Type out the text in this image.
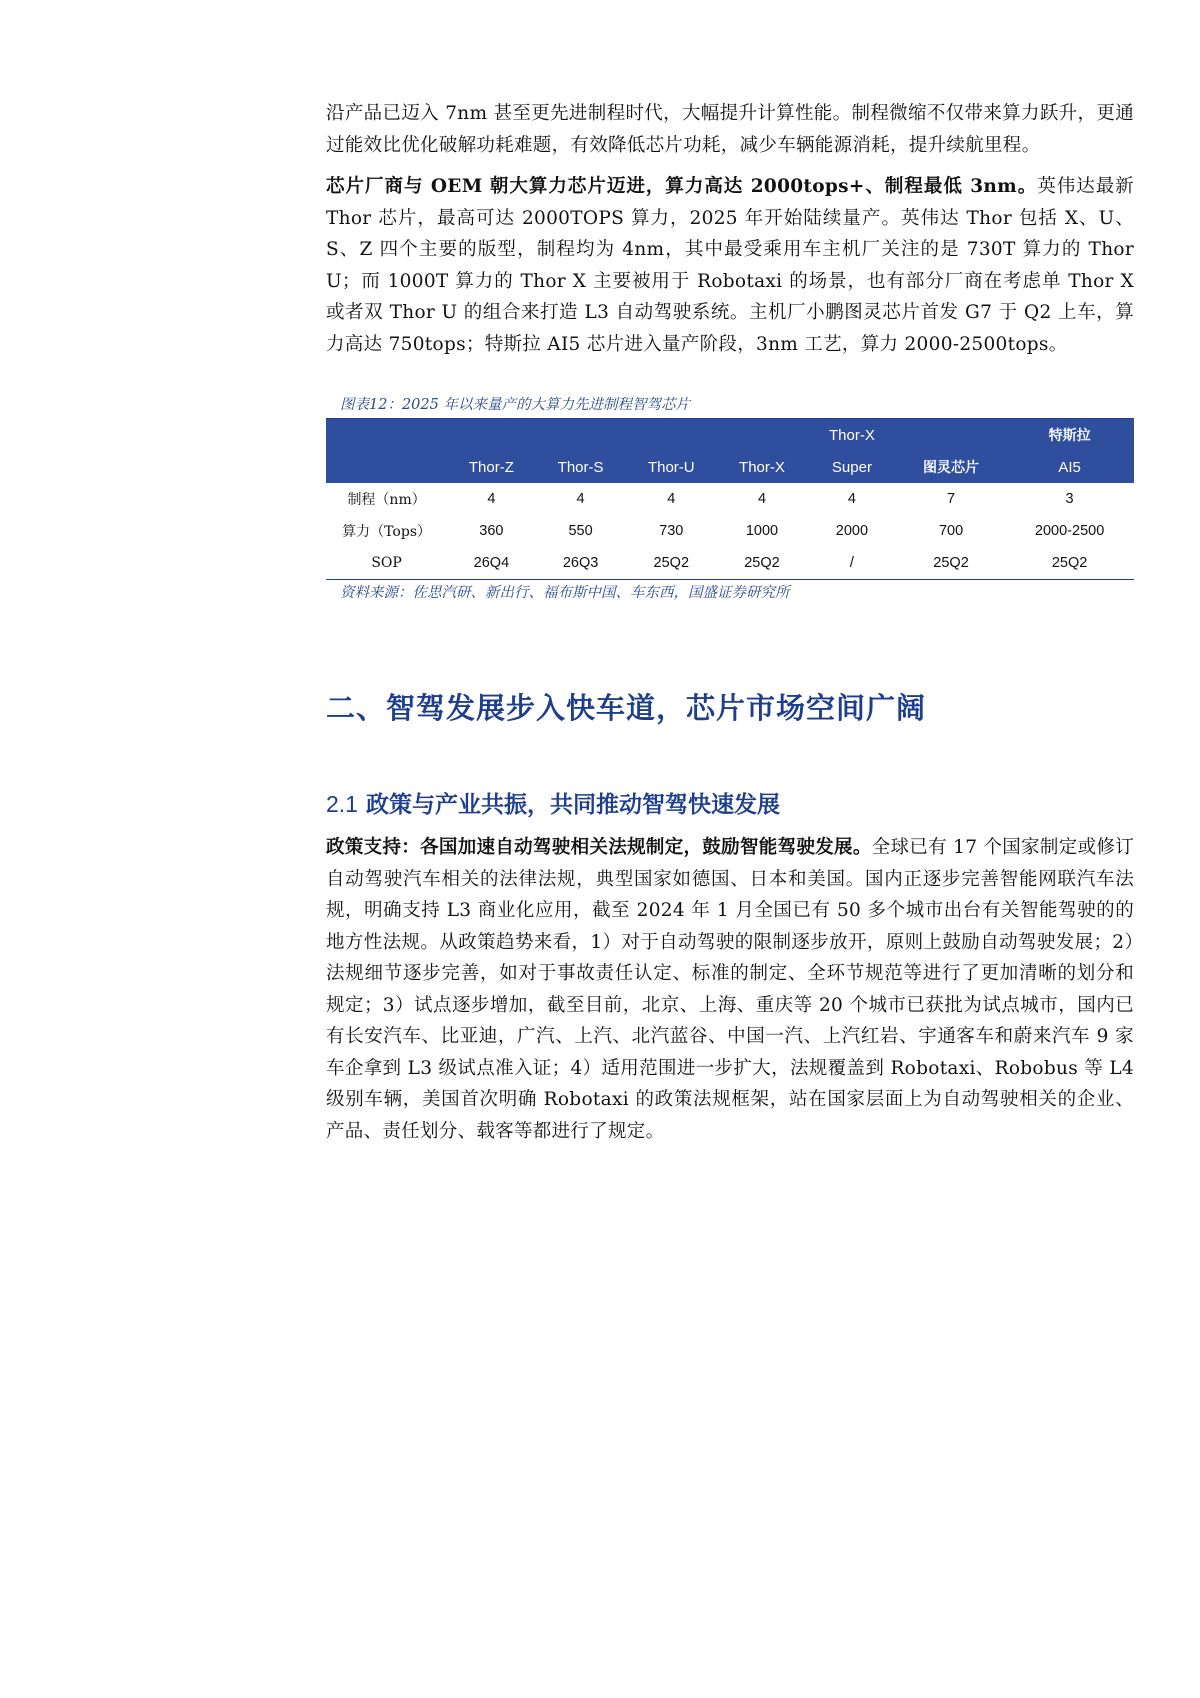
沿产品已迈入 7nm 甚至更先进制程时代，大幅提升计算性能。制程微缩不仅带来算力跃升，更通过能效比优化破解功耗难题，有效降低芯片功耗，减少车辆能源消耗，提升续航里程。

芯片厂商与 OEM 朝大算力芯片迈进，算力高达 2000tops+、制程最低 3nm。英伟达最新 Thor 芯片，最高可达 2000TOPS 算力，2025 年开始陆续量产。英伟达 Thor 包括 X、U、S、Z 四个主要的版型，制程均为 4nm，其中最受乘用车主机厂关注的是 730T 算力的 Thor U；而 1000T 算力的 Thor X 主要被用于 Robotaxi 的场景，也有部分厂商在考虑单 Thor X 或者双 Thor U 的组合来打造 L3 自动驾驶系统。主机厂小鹏图灵芯片首发 G7 于 Q2 上车，算力高达 750tops；特斯拉 AI5 芯片进入量产阶段，3nm 工艺，算力 2000-2500tops。

图表12：2025 年以来量产的大算力先进制程智驾芯片
					Thor-X		特斯拉
	Thor-Z	Thor-S	Thor-U	Thor-X	Super	图灵芯片	AI5
制程（nm）	4	4	4	4	4	7	3
算力（Tops）	360	550	730	1000	2000	700	2000-2500
SOP	26Q4	26Q3	25Q2	25Q2	/	25Q2	25Q2
资料来源：佐思汽研、新出行、福布斯中国、车东西，国盛证券研究所
二、智驾发展步入快车道，芯片市场空间广阔
2.1 政策与产业共振，共同推动智驾快速发展

政策支持：各国加速自动驾驶相关法规制定，鼓励智能驾驶发展。全球已有 17 个国家制定或修订自动驾驶汽车相关的法律法规，典型国家如德国、日本和美国。国内正逐步完善智能网联汽车法规，明确支持 L3 商业化应用，截至 2024 年 1 月全国已有 50 多个城市出台有关智能驾驶的的地方性法规。从政策趋势来看，1）对于自动驾驶的限制逐步放开，原则上鼓励自动驾驶发展；2）法规细节逐步完善，如对于事故责任认定、标准的制定、全环节规范等进行了更加清晰的划分和规定；3）试点逐步增加，截至目前，北京、上海、重庆等 20 个城市已获批为试点城市，国内已有长安汽车、比亚迪，广汽、上汽、北汽蓝谷、中国一汽、上汽红岩、宇通客车和蔚来汽车 9 家车企拿到 L3 级试点准入证；4）适用范围进一步扩大，法规覆盖到 Robotaxi、Robobus 等 L4 级别车辆，美国首次明确 Robotaxi 的政策法规框架，站在国家层面上为自动驾驶相关的企业、产品、责任划分、载客等都进行了规定。
